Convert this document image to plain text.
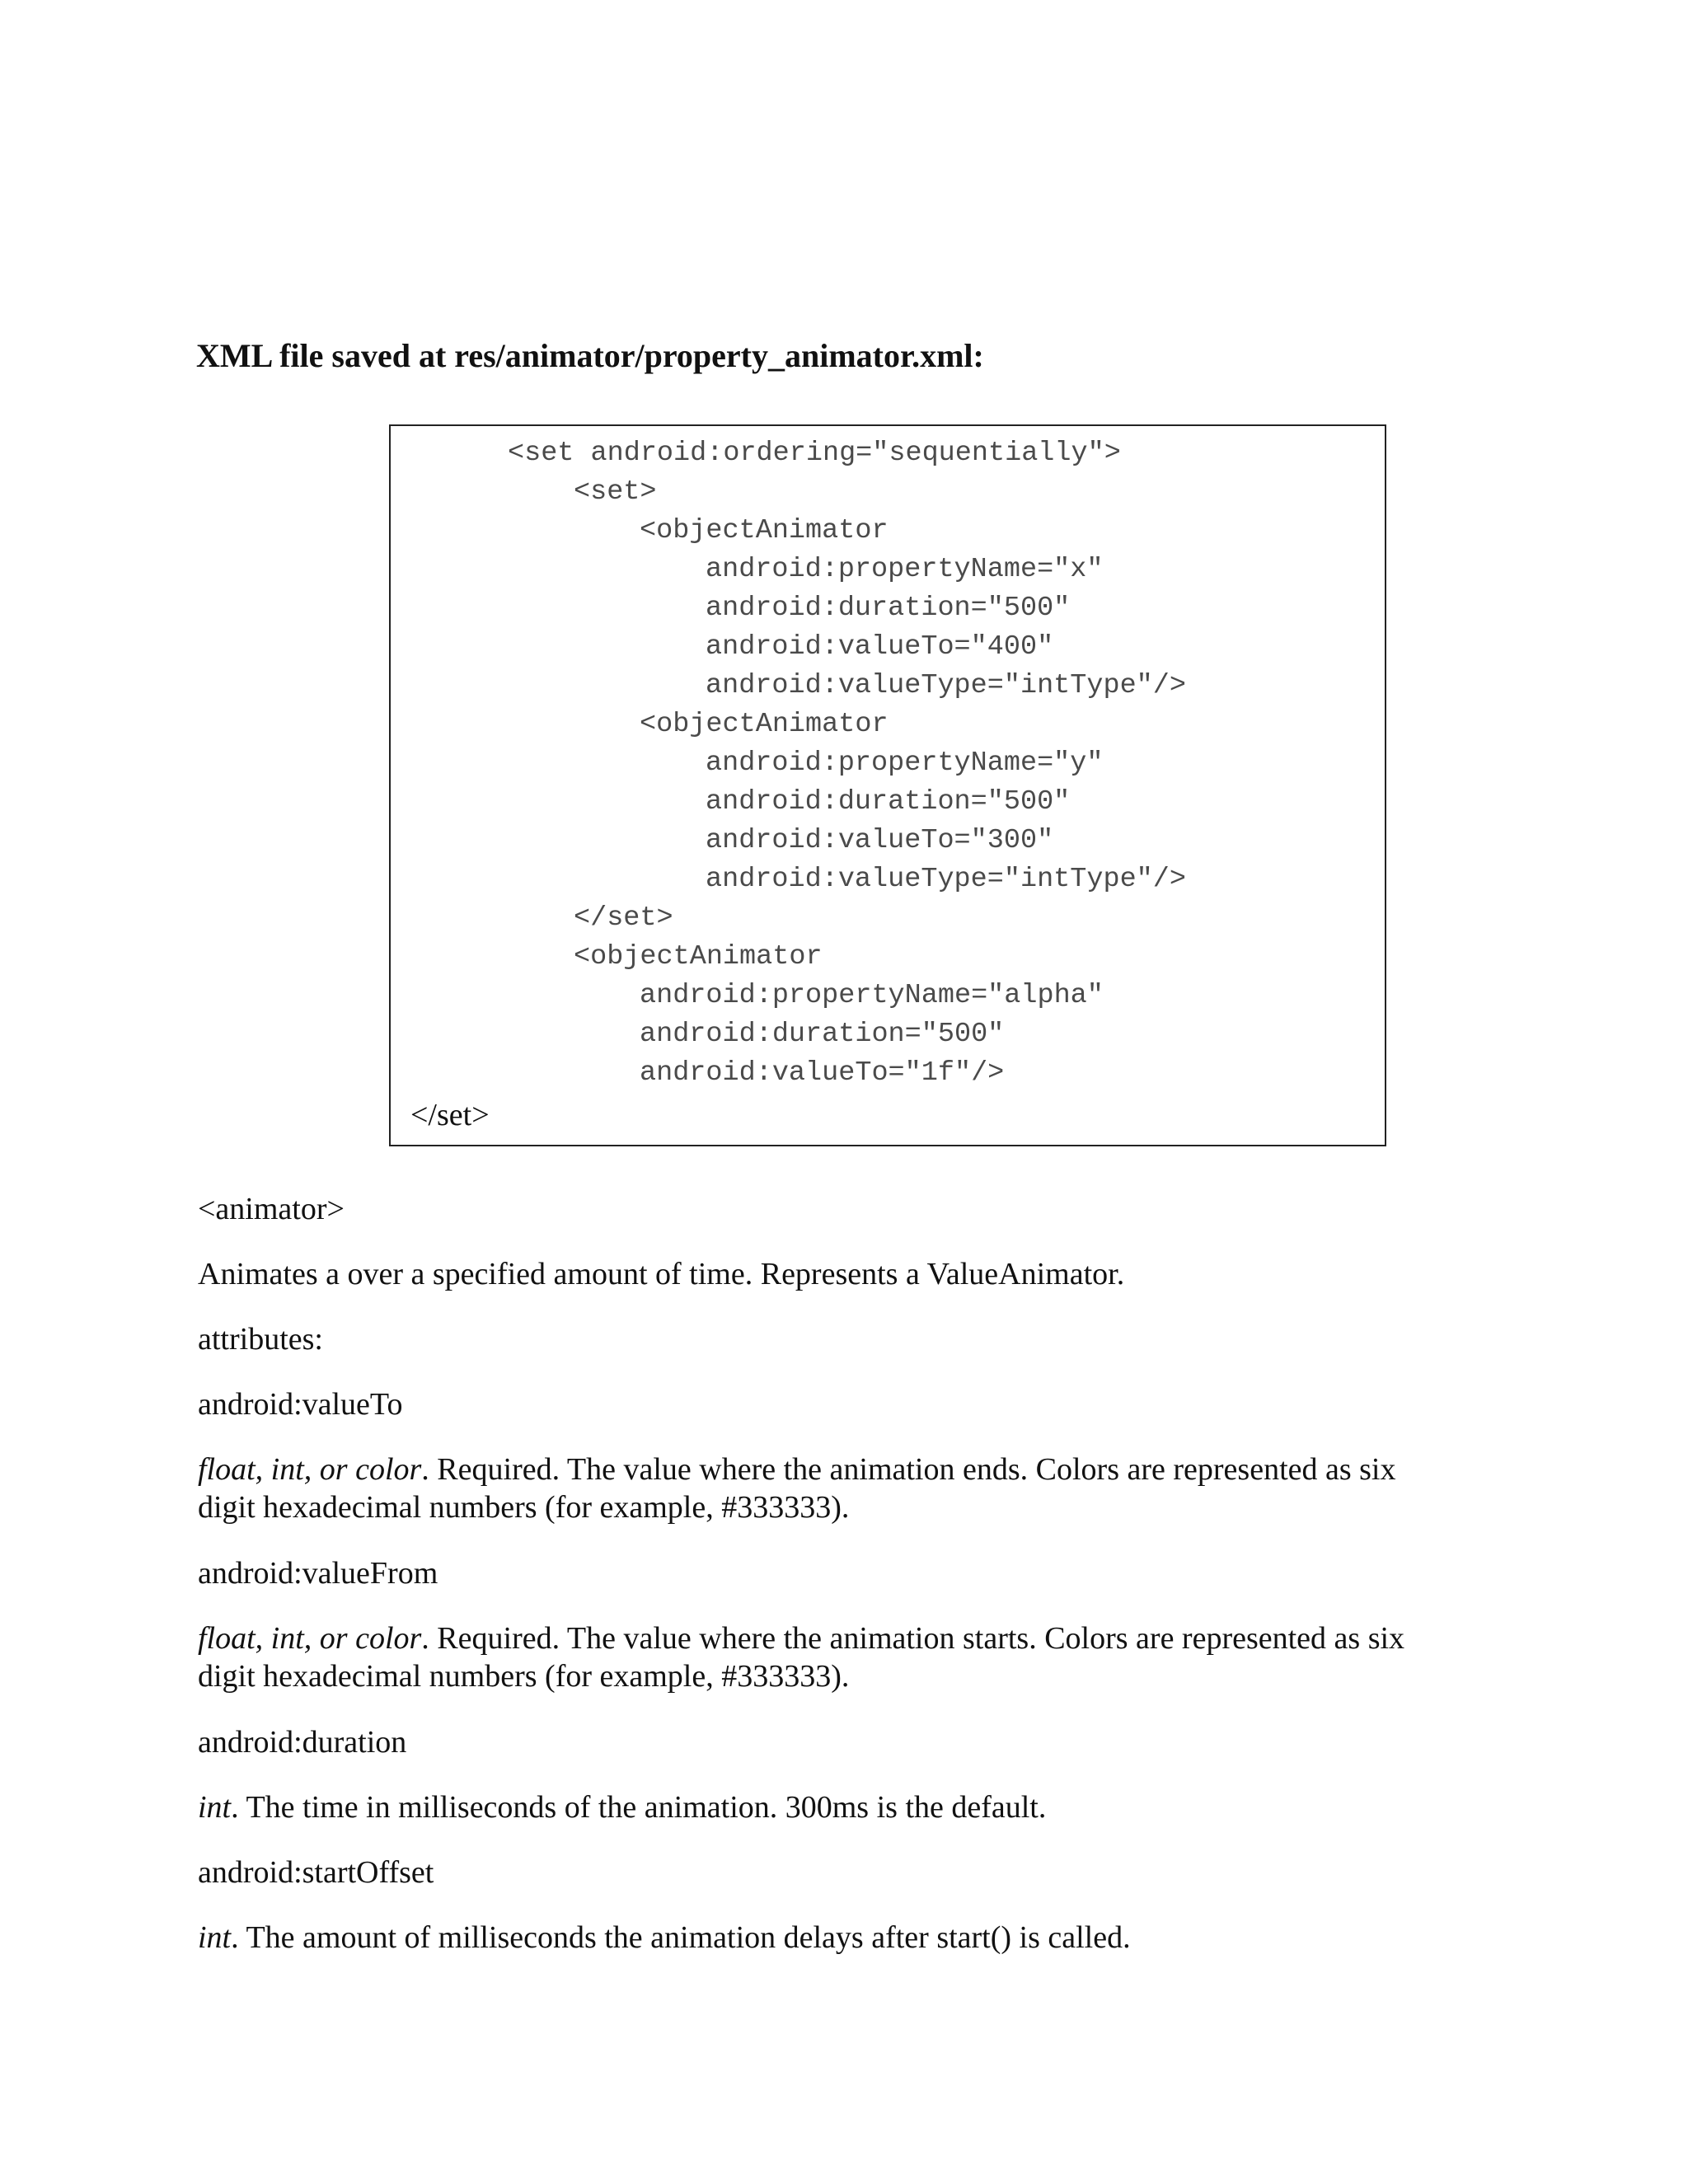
XML file saved at res/animator/property_animator.xml:
<set android:ordering="sequentially">
<set>
<objectAnimator
android:propertyName="x"
android:duration="500"
android:valueTo="400"
android:valueType="intType"/>
<objectAnimator
android:propertyName="y"
android:duration="500"
android:valueTo="300"
android:valueType="intType"/>
</set>
<objectAnimator
android:propertyName="alpha"
android:duration="500"
android:valueTo="1f"/>

</set>

<animator>

Animates a over a specified amount of time. Represents a ValueAnimator.

attributes:

android:valueTo

float, int, or color. Required. The value where the animation ends. Colors are represented as six

digit hexadecimal numbers (for example, #333333).

android:valueFrom

float, int, or color. Required. The value where the animation starts. Colors are represented as six

digit hexadecimal numbers (for example, #333333).

android:duration

int. The time in milliseconds of the animation. 300ms is the default.

android:startOffset

int. The amount of milliseconds the animation delays after start() is called.
